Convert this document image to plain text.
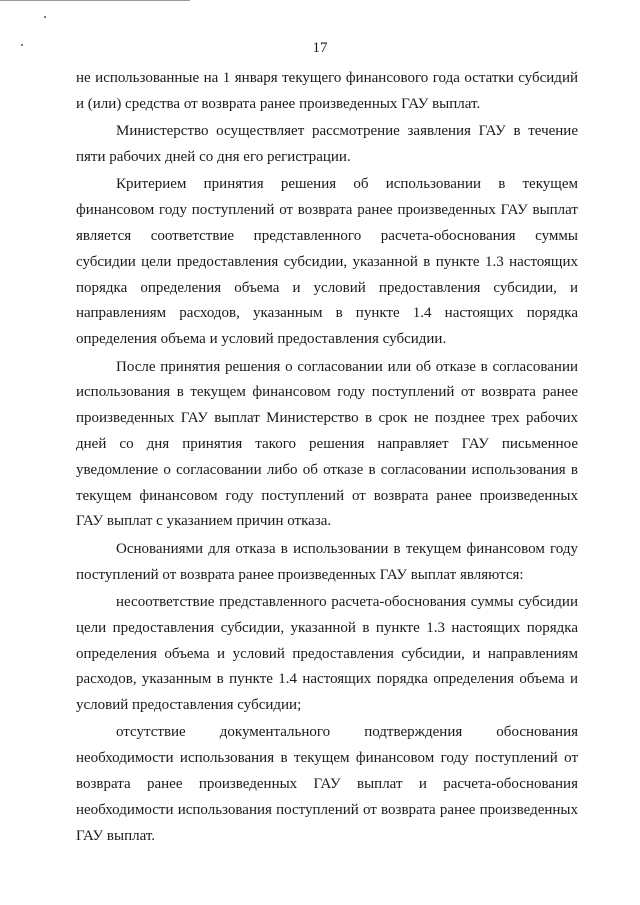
17

не использованные на 1 января текущего финансового года остатки субсидий и (или) средства от возврата ранее произведенных ГАУ выплат.

Министерство осуществляет рассмотрение заявления ГАУ в течение пяти рабочих дней со дня его регистрации.

Критерием принятия решения об использовании в текущем финансовом году поступлений от возврата ранее произведенных ГАУ выплат является соответствие представленного расчета-обоснования суммы субсидии цели предоставления субсидии, указанной в пункте 1.3 настоящих порядка определения объема и условий предоставления субсидии, и направлениям расходов, указанным в пункте 1.4 настоящих порядка определения объема и условий предоставления субсидии.

После принятия решения о согласовании или об отказе в согласовании использования в текущем финансовом году поступлений от возврата ранее произведенных ГАУ выплат Министерство в срок не позднее трех рабочих дней со дня принятия такого решения направляет ГАУ письменное уведомление о согласовании либо об отказе в согласовании использования в текущем финансовом году поступлений от возврата ранее произведенных ГАУ выплат с указанием причин отказа.

Основаниями для отказа в использовании в текущем финансовом году поступлений от возврата ранее произведенных ГАУ выплат являются:

несоответствие представленного расчета-обоснования суммы субсидии цели предоставления субсидии, указанной в пункте 1.3 настоящих порядка определения объема и условий предоставления субсидии, и направлениям расходов, указанным в пункте 1.4 настоящих порядка определения объема и условий предоставления субсидии;

отсутствие документального подтверждения обоснования необходимости использования в текущем финансовом году поступлений от возврата ранее произведенных ГАУ выплат и расчета-обоснования необходимости использования поступлений от возврата ранее произведенных ГАУ выплат.
